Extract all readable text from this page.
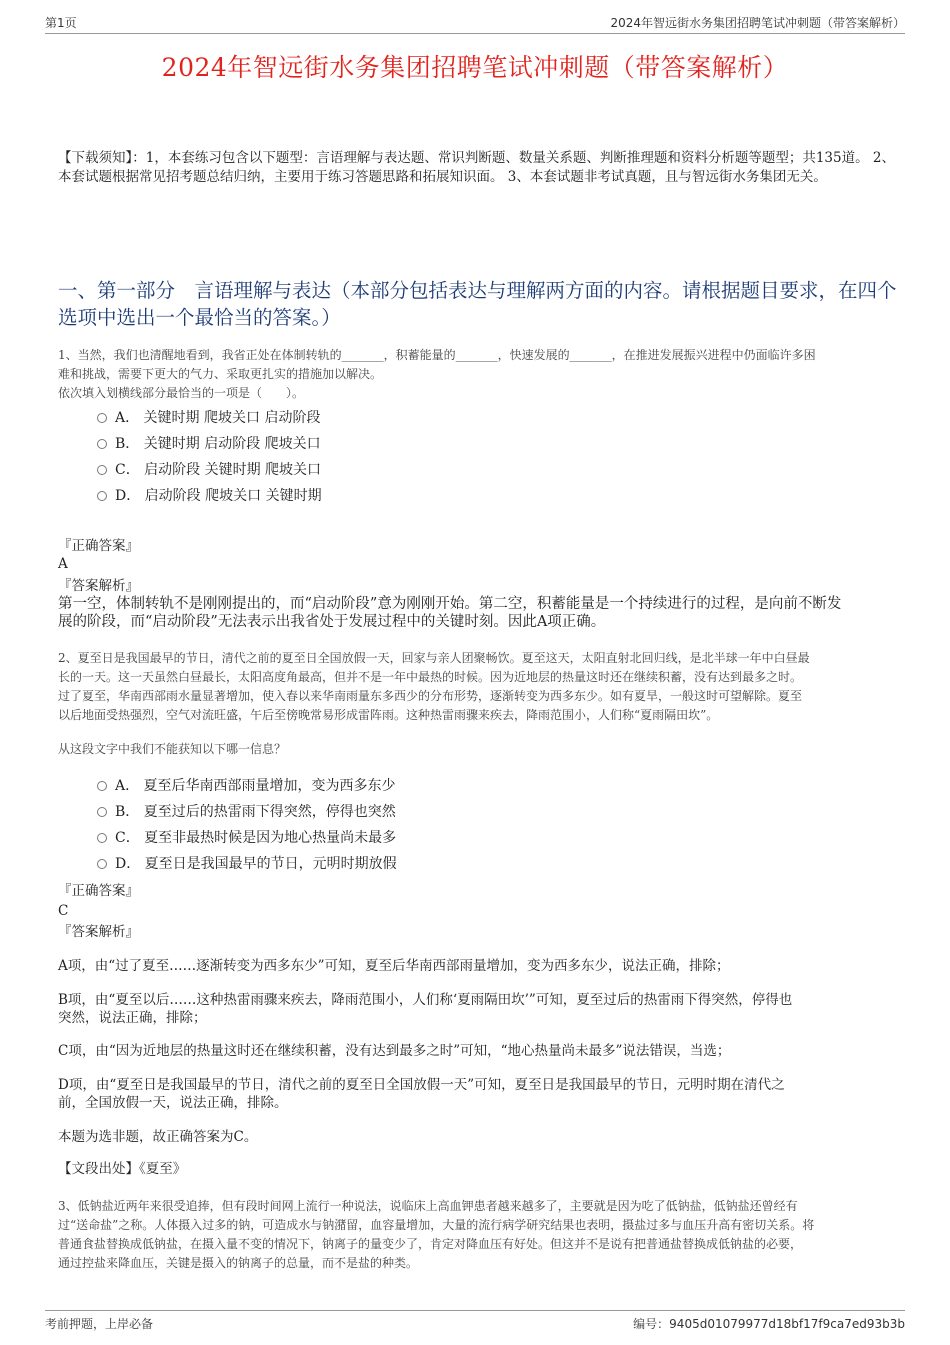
第1页	2024年智远街水务集团招聘笔试冲刺题（带答案解析）
2024年智远街水务集团招聘笔试冲刺题（带答案解析）
【下载须知】：1，本套练习包含以下题型：言语理解与表达题、常识判断题、数量关系题、判断推理题和资料分析题等题型；共135道。 2、本套试题根据常见招考题总结归纳，主要用于练习答题思路和拓展知识面。 3、本套试题非考试真题，且与智远街水务集团无关。
一、第一部分　言语理解与表达（本部分包括表达与理解两方面的内容。请根据题目要求，在四个选项中选出一个最恰当的答案。）
1、当然，我们也清醒地看到，我省正处在体制转轨的_______，积蓄能量的_______，快速发展的_______，在推进发展振兴进程中仍面临许多困
难和挑战，需要下更大的气力、采取更扎实的措施加以解决。
依次填入划横线部分最恰当的一项是（　　）。
A． 关键时期 爬坡关口 启动阶段
B． 关键时期 启动阶段 爬坡关口
C． 启动阶段 关键时期 爬坡关口
D． 启动阶段 爬坡关口 关键时期
『正确答案』
A
『答案解析』
第一空，体制转轨不是刚刚提出的，而“启动阶段”意为刚刚开始。第二空，积蓄能量是一个持续进行的过程，是向前不断发
展的阶段，而“启动阶段”无法表示出我省处于发展过程中的关键时刻。因此A项正确。
2、夏至日是我国最早的节日，清代之前的夏至日全国放假一天，回家与亲人团聚畅饮。夏至这天，太阳直射北回归线，是北半球一年中白昼最
长的一天。这一天虽然白昼最长，太阳高度角最高，但并不是一年中最热的时候。因为近地层的热量这时还在继续积蓄，没有达到最多之时。
过了夏至，华南西部雨水量显著增加，使入春以来华南雨量东多西少的分布形势，逐渐转变为西多东少。如有夏旱，一般这时可望解除。夏至
以后地面受热强烈，空气对流旺盛，午后至傍晚常易形成雷阵雨。这种热雷雨骤来疾去，降雨范围小，人们称“夏雨隔田坎”。
从这段文字中我们不能获知以下哪一信息？
A． 夏至后华南西部雨量增加，变为西多东少
B． 夏至过后的热雷雨下得突然，停得也突然
C． 夏至非最热时候是因为地心热量尚未最多
D． 夏至日是我国最早的节日，元明时期放假
『正确答案』
C
『答案解析』
A项，由“过了夏至……逐渐转变为西多东少”可知，夏至后华南西部雨量增加，变为西多东少，说法正确，排除；
B项，由“夏至以后……这种热雷雨骤来疾去，降雨范围小，人们称‘夏雨隔田坎’”可知，夏至过后的热雷雨下得突然，停得也
突然，说法正确，排除；
C项，由“因为近地层的热量这时还在继续积蓄，没有达到最多之时”可知，“地心热量尚未最多”说法错误，当选；
D项，由“夏至日是我国最早的节日，清代之前的夏至日全国放假一天”可知，夏至日是我国最早的节日，元明时期在清代之
前，全国放假一天，说法正确，排除。
本题为选非题，故正确答案为C。
【文段出处】《夏至》
3、低钠盐近两年来很受追捧，但有段时间网上流行一种说法，说临床上高血钾患者越来越多了，主要就是因为吃了低钠盐，低钠盐还曾经有
过“送命盐”之称。人体摄入过多的钠，可造成水与钠潴留，血容量增加，大量的流行病学研究结果也表明，摄盐过多与血压升高有密切关系。将
普通食盐替换成低钠盐，在摄入量不变的情况下，钠离子的量变少了，肯定对降血压有好处。但这并不是说有把普通盐替换成低钠盐的必要，
通过控盐来降血压，关键是摄入的钠离子的总量，而不是盐的种类。
考前押题，上岸必备	编号：9405d01079977d18bf17f9ca7ed93b3b
